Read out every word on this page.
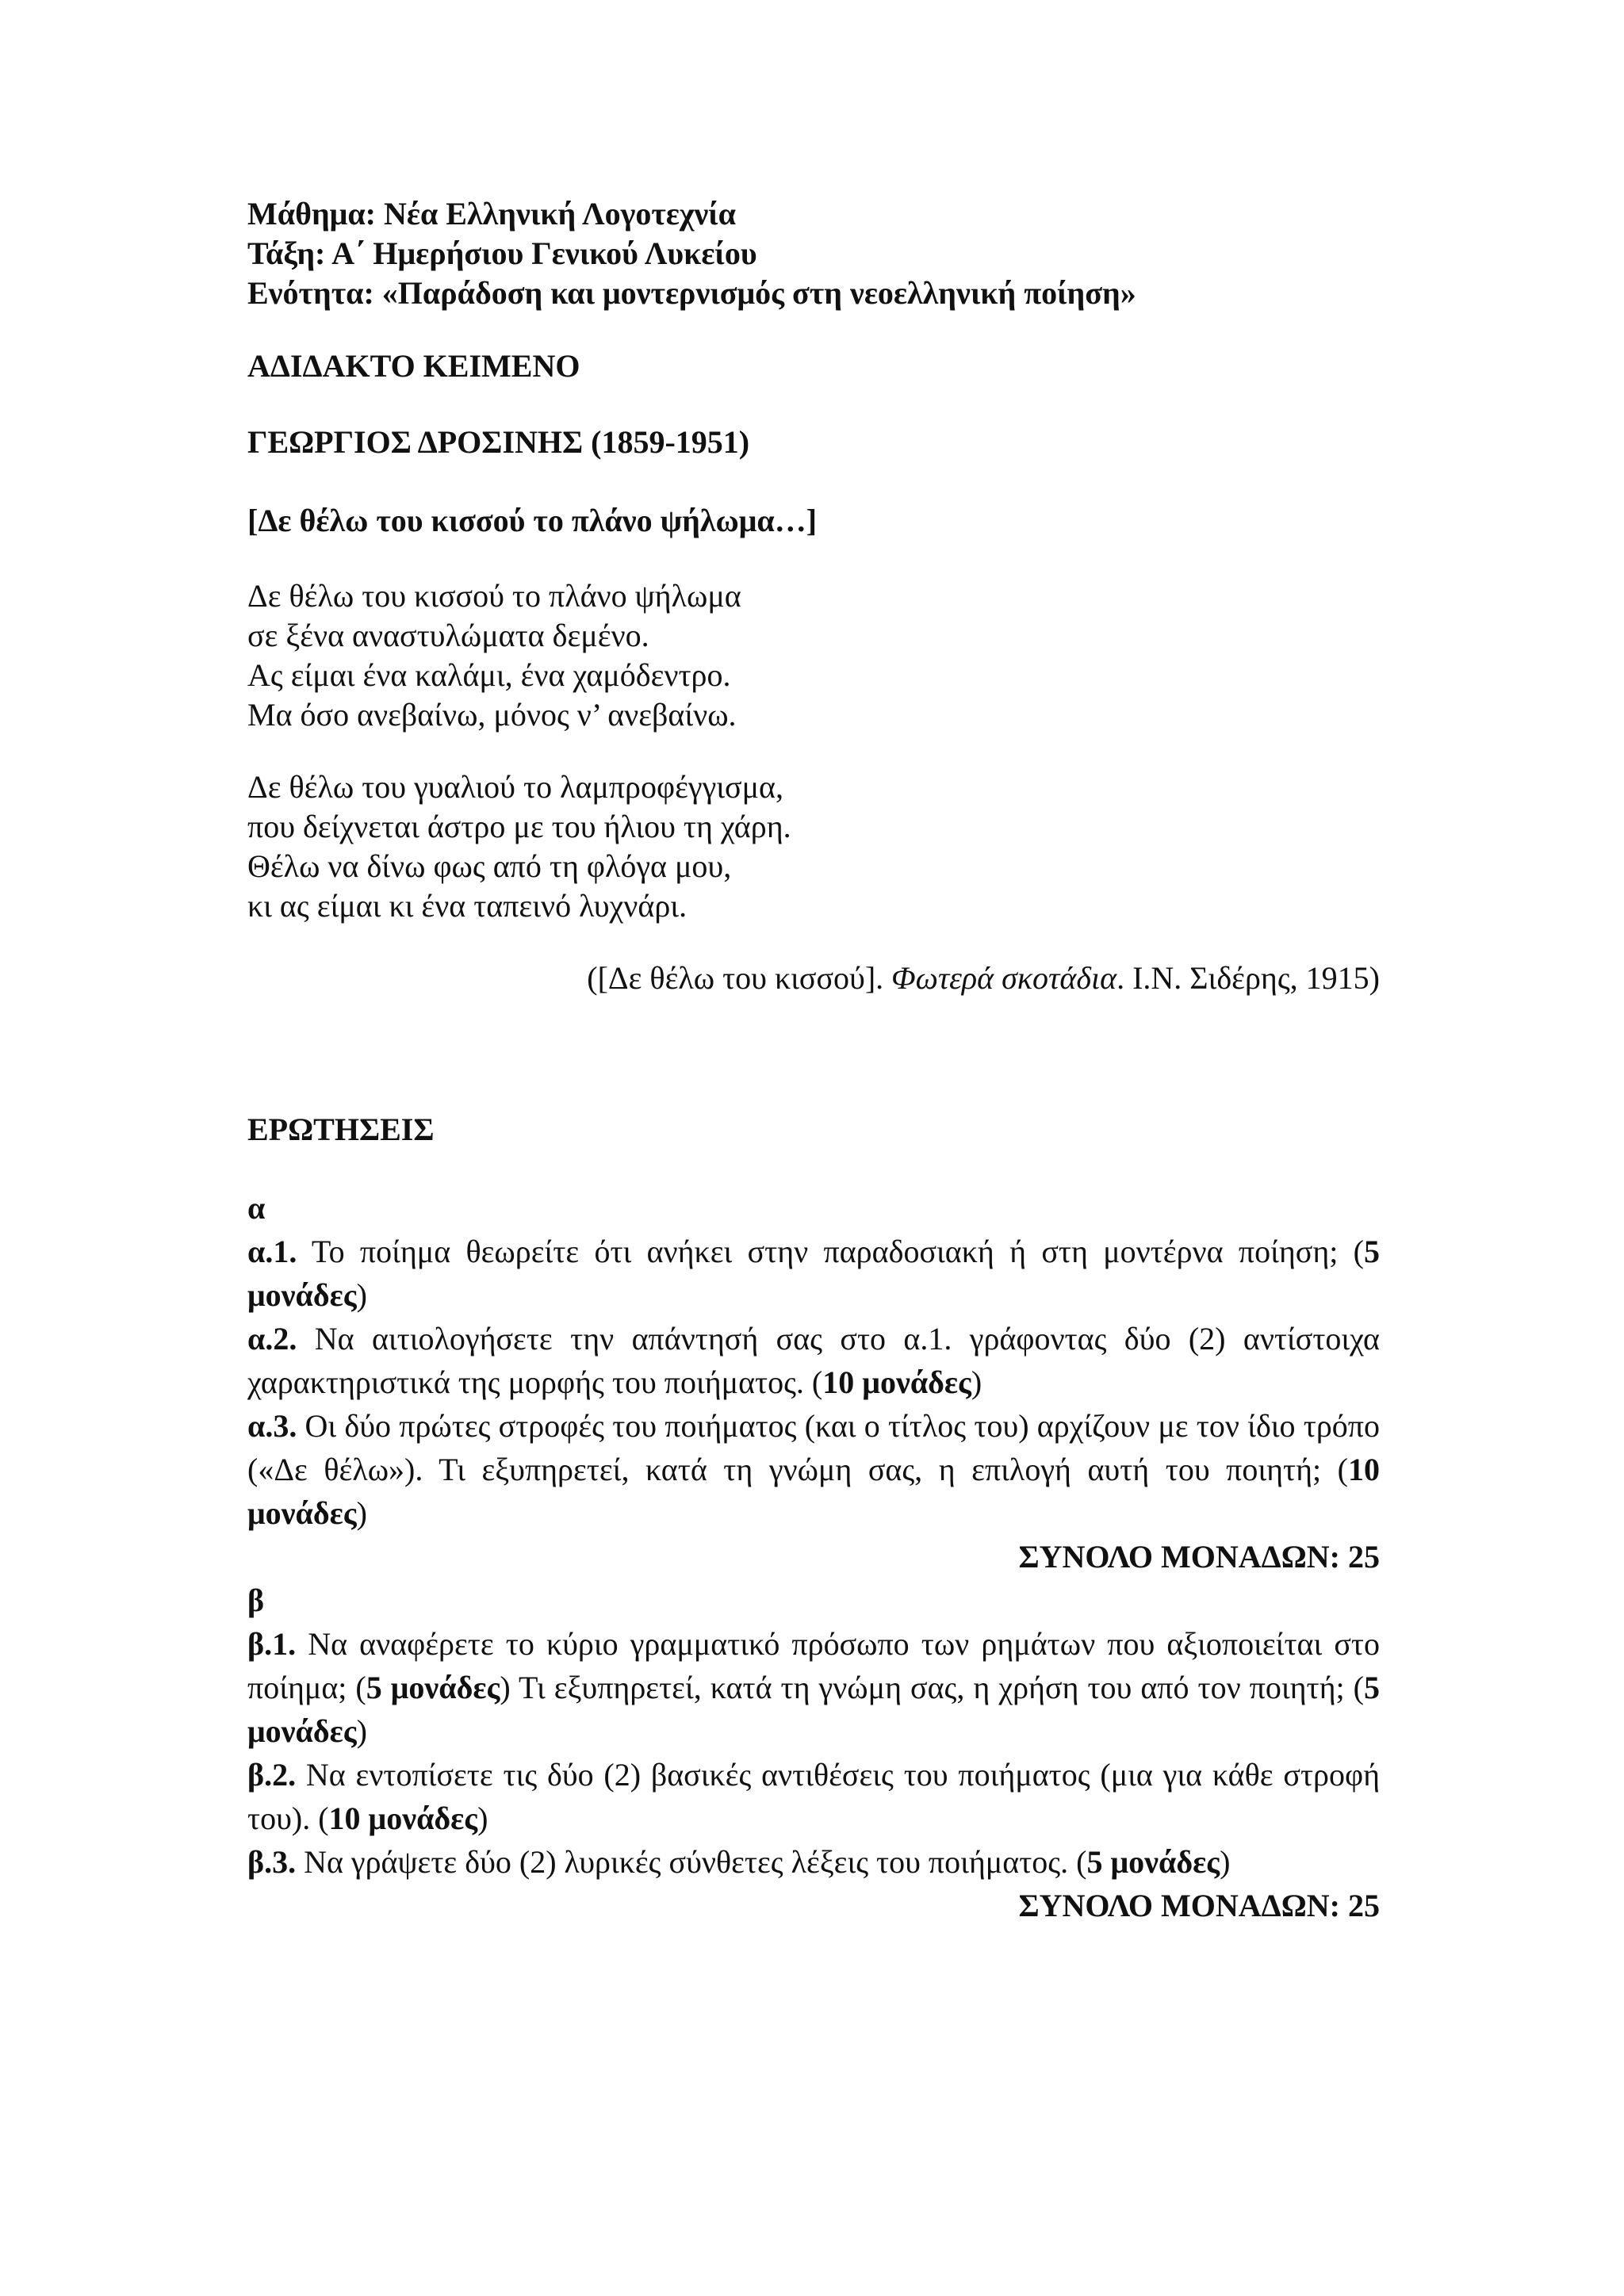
Μάθημα: Νέα Ελληνική Λογοτεχνία
Τάξη: Α΄ Ημερήσιου Γενικού Λυκείου
Ενότητα: «Παράδοση και μοντερνισμός στη νεοελληνική ποίηση»
ΑΔΙΔΑΚΤΟ ΚΕΙΜΕΝΟ
ΓΕΩΡΓΙΟΣ ΔΡΟΣΙΝΗΣ (1859-1951)
[Δε θέλω του κισσού το πλάνο ψήλωμα…]
Δε θέλω του κισσού το πλάνο ψήλωμα
σε ξένα αναστυλώματα δεμένο.
Ας είμαι ένα καλάμι, ένα χαμόδεντρο.
Μα όσο ανεβαίνω, μόνος ν’ ανεβαίνω.
Δε θέλω του γυαλιού το λαμπροφέγγισμα,
που δείχνεται άστρο με του ήλιου τη χάρη.
Θέλω να δίνω φως από τη φλόγα μου,
κι ας είμαι κι ένα ταπεινό λυχνάρι.
([Δε θέλω του κισσού]. Φωτερά σκοτάδια. Ι.Ν. Σιδέρης, 1915)
ΕΡΩΤΗΣΕΙΣ
α
α.1. Το ποίημα θεωρείτε ότι ανήκει στην παραδοσιακή ή στη μοντέρνα ποίηση; (5 μονάδες)
α.2. Να αιτιολογήσετε την απάντησή σας στο α.1. γράφοντας δύο (2) αντίστοιχα χαρακτηριστικά της μορφής του ποιήματος. (10 μονάδες)
α.3. Οι δύο πρώτες στροφές του ποιήματος (και ο τίτλος του) αρχίζουν με τον ίδιο τρόπο («Δε θέλω»). Τι εξυπηρετεί, κατά τη γνώμη σας, η επιλογή αυτή του ποιητή; (10 μονάδες)
ΣΥΝΟΛΟ ΜΟΝΑΔΩΝ: 25
β
β.1. Να αναφέρετε το κύριο γραμματικό πρόσωπο των ρημάτων που αξιοποιείται στο ποίημα; (5 μονάδες) Τι εξυπηρετεί, κατά τη γνώμη σας, η χρήση του από τον ποιητή; (5 μονάδες)
β.2. Να εντοπίσετε τις δύο (2) βασικές αντιθέσεις του ποιήματος (μια για κάθε στροφή του). (10 μονάδες)
β.3. Να γράψετε δύο (2) λυρικές σύνθετες λέξεις του ποιήματος. (5 μονάδες)
ΣΥΝΟΛΟ ΜΟΝΑΔΩΝ: 25
